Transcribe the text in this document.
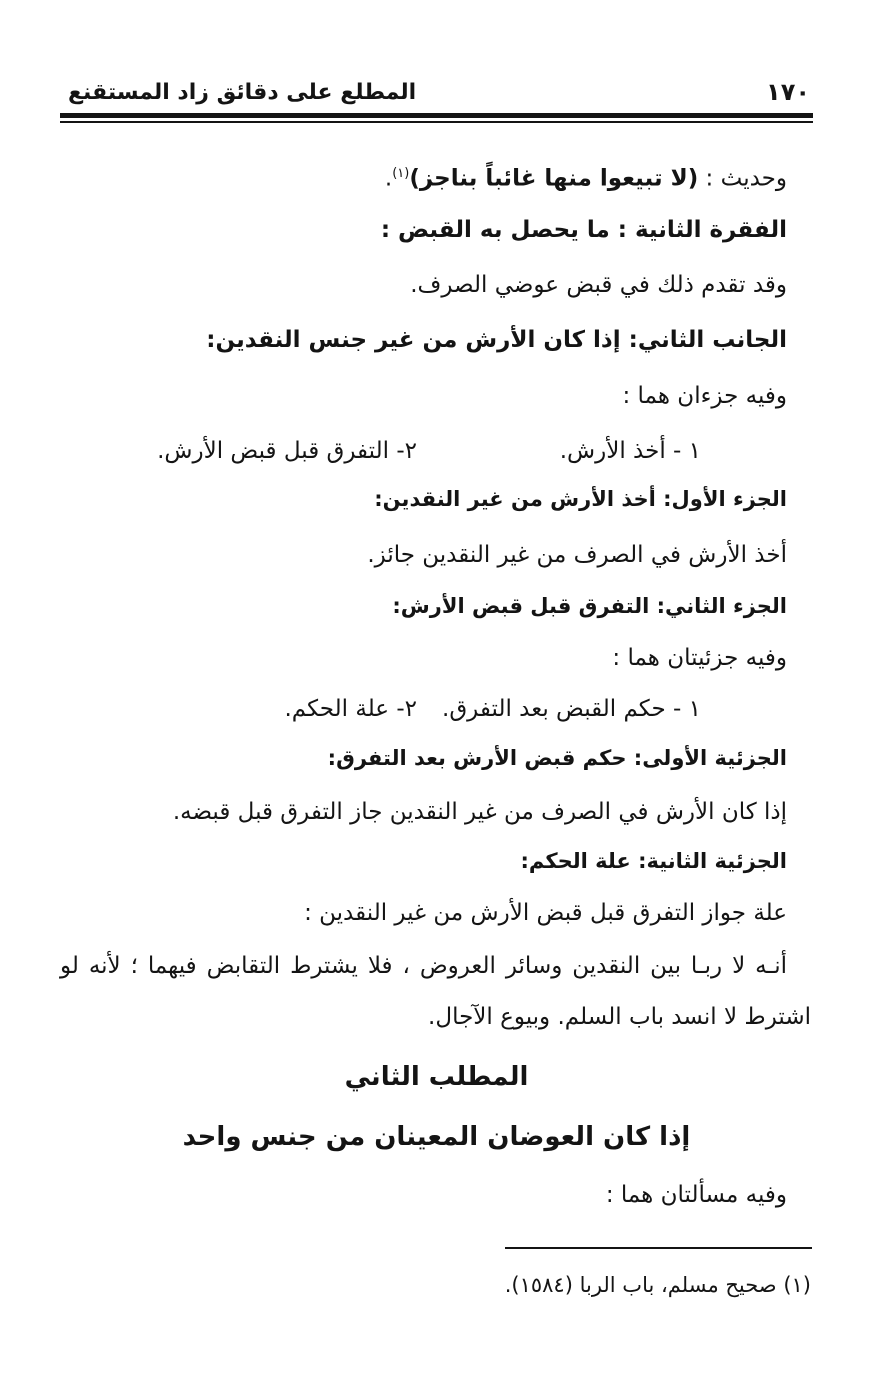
١٧٠
المطلع على دقائق زاد المستقنع
وحديث : (لا تبيعوا منها غائباً بناجز)$^{(١)}$.
الفقرة الثانية : ما يحصل به القبض :
وقد تقدم ذلك في قبض عوضي الصرف.
الجانب الثاني: إذا كان الأرش من غير جنس النقدين:
وفيه جزءان هما :
١ - أخذ الأرش.
٢- التفرق قبل قبض الأرش.
الجزء الأول: أخذ الأرش من غير النقدين:
أخذ الأرش في الصرف من غير النقدين جائز.
الجزء الثاني: التفرق قبل قبض الأرش:
وفيه جزئيتان هما :
١ - حكم القبض بعد التفرق.
٢- علة الحكم.
الجزئية الأولى: حكم قبض الأرش بعد التفرق:
إذا كان الأرش في الصرف من غير النقدين جاز التفرق قبل قبضه.
الجزئية الثانية: علة الحكم:
علة جواز التفرق قبل قبض الأرش من غير النقدين :
أنـه لا ربـا بين النقدين وسائر العروض ، فلا يشترط التقابض فيهما ؛ لأنه لو
اشترط لا انسد باب السلم. وبيوع الآجال.
المطلب الثاني
إذا كان العوضان المعينان من جنس واحد
وفيه مسألتان هما :
(١) صحيح مسلم، باب الربا (١٥٨٤).
